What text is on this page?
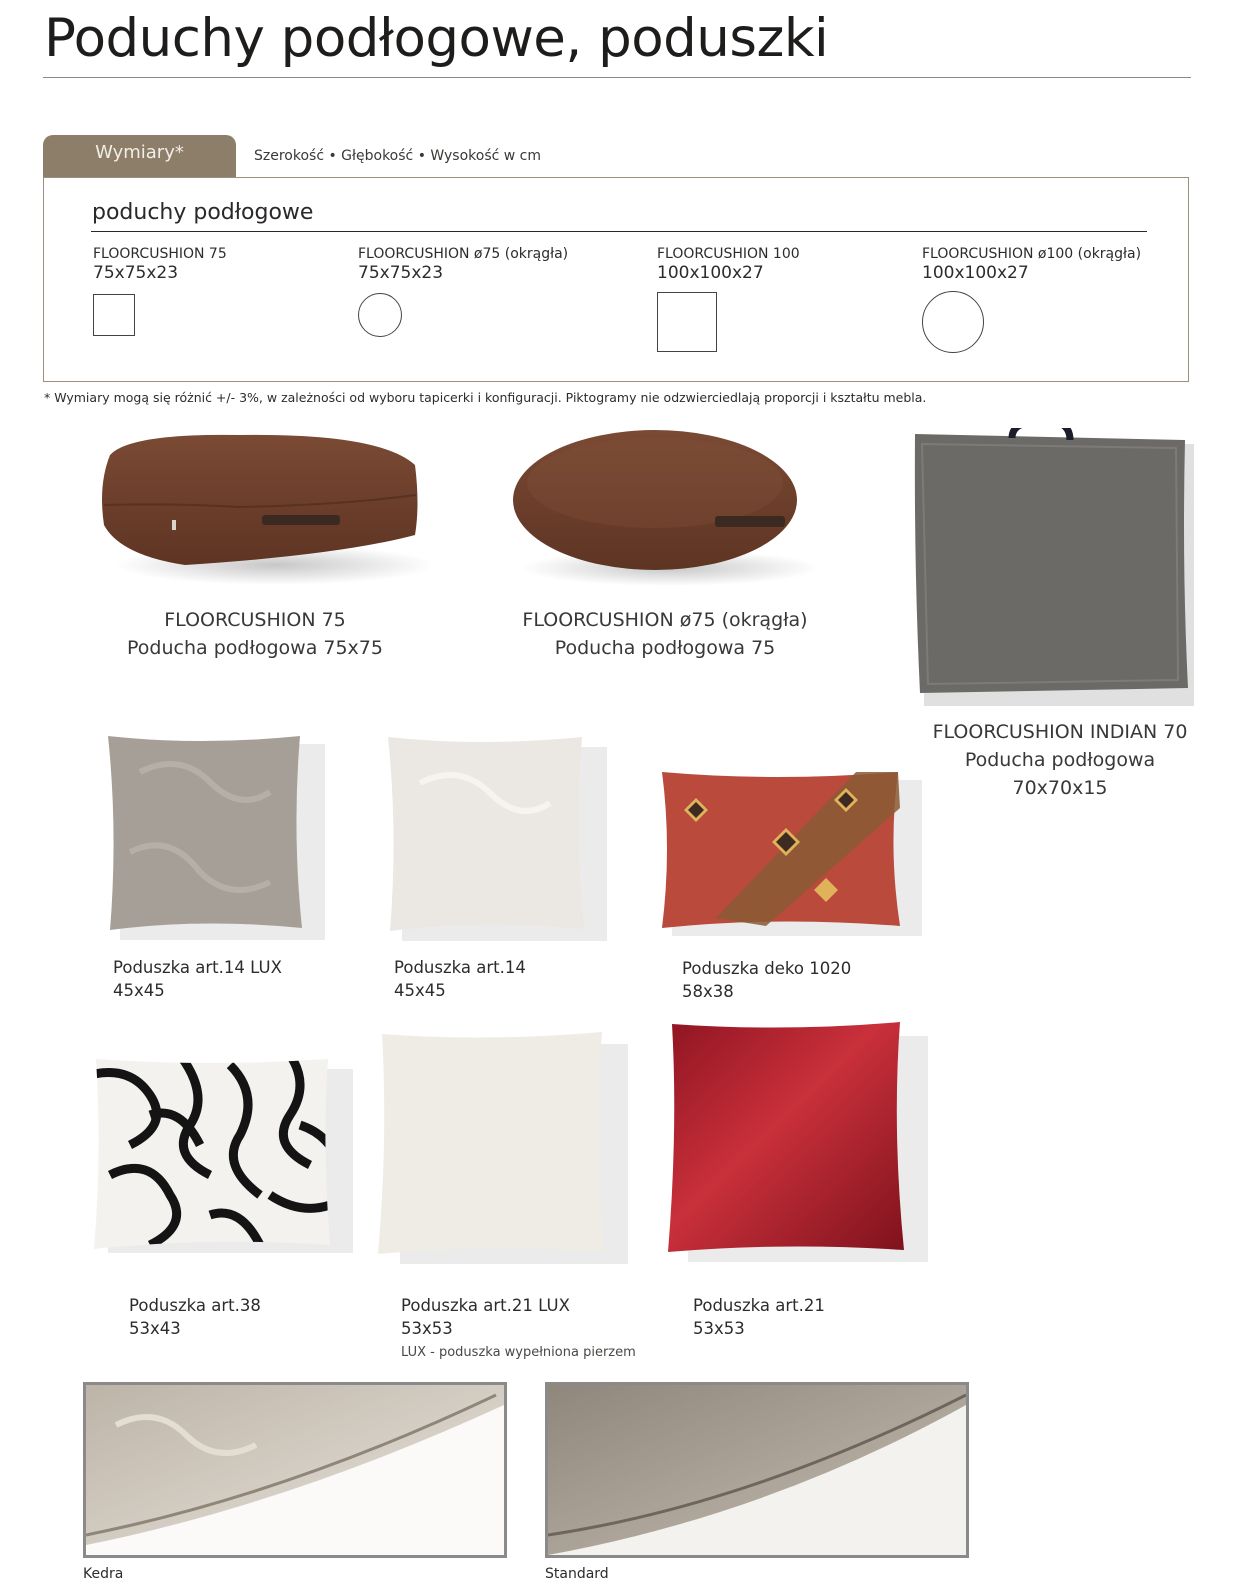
Poduchy podłogowe, poduszki
Wymiary*	Szerokość • Głębokość • Wysokość w cm
poduchy podłogowe
FLOORCUSHION 75
75x75x23
FLOORCUSHION ø75 (okrągła)
75x75x23
FLOORCUSHION 100
100x100x27
FLOORCUSHION ø100 (okrągła)
100x100x27
* Wymiary mogą się różnić +/- 3%, w zależności od wyboru tapicerki i konfiguracji. Piktogramy nie odzwierciedlają proporcji i kształtu mebla.
FLOORCUSHION 75
Poducha podłogowa 75x75
FLOORCUSHION ø75 (okrągła)
Poducha podłogowa 75
FLOORCUSHION INDIAN 70
Poducha podłogowa
70x70x15
Poduszka art.14 LUX
45x45
Poduszka art.14
45x45
Poduszka deko 1020
58x38
Poduszka art.38
53x43
Poduszka art.21 LUX
53x53
LUX - poduszka wypełniona pierzem
Poduszka art.21
53x53
Kedra	Standard
